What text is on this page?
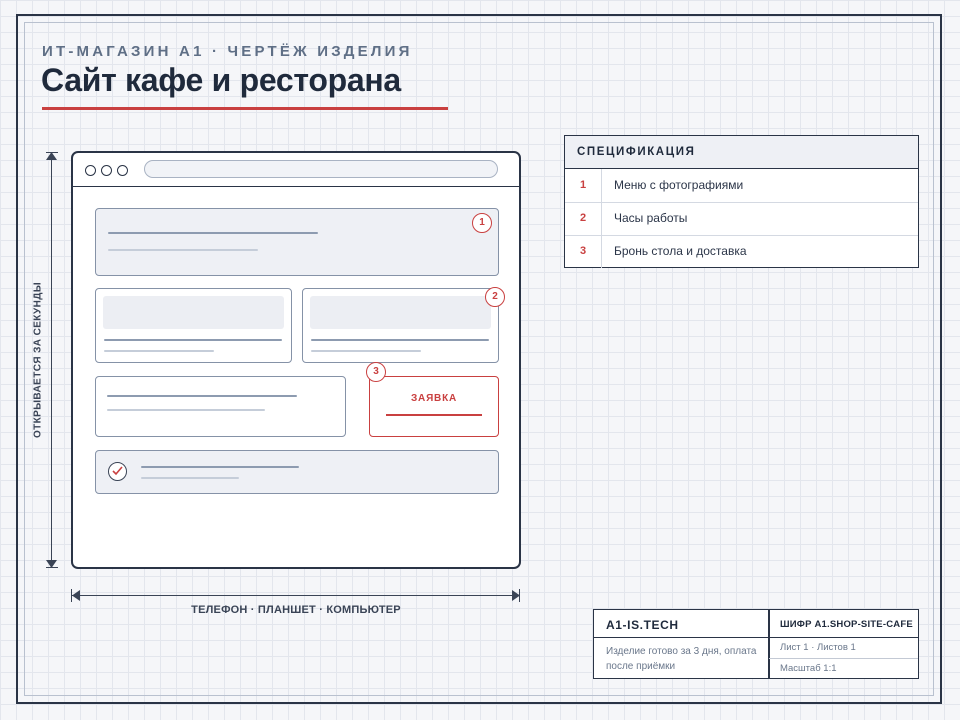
ИТ-МАГАЗИН А1 · ЧЕРТЁЖ ИЗДЕЛИЯ
Сайт кафе и ресторана
ОТКРЫВАЕТСЯ ЗА СЕКУНДЫ
ТЕЛЕФОН · ПЛАНШЕТ · КОМПЬЮТЕР
ЗАЯВКА
1
2
3
СПЕЦИФИКАЦИЯ
1	Меню с фотографиями
2	Часы работы
3	Бронь стола и доставка
A1-IS.TECH
Изделие готово за 3 дня, оплата после приёмки
ШИФР A1.SHOP-SITE-CAFE
Лист 1 · Листов 1
Масштаб 1:1
